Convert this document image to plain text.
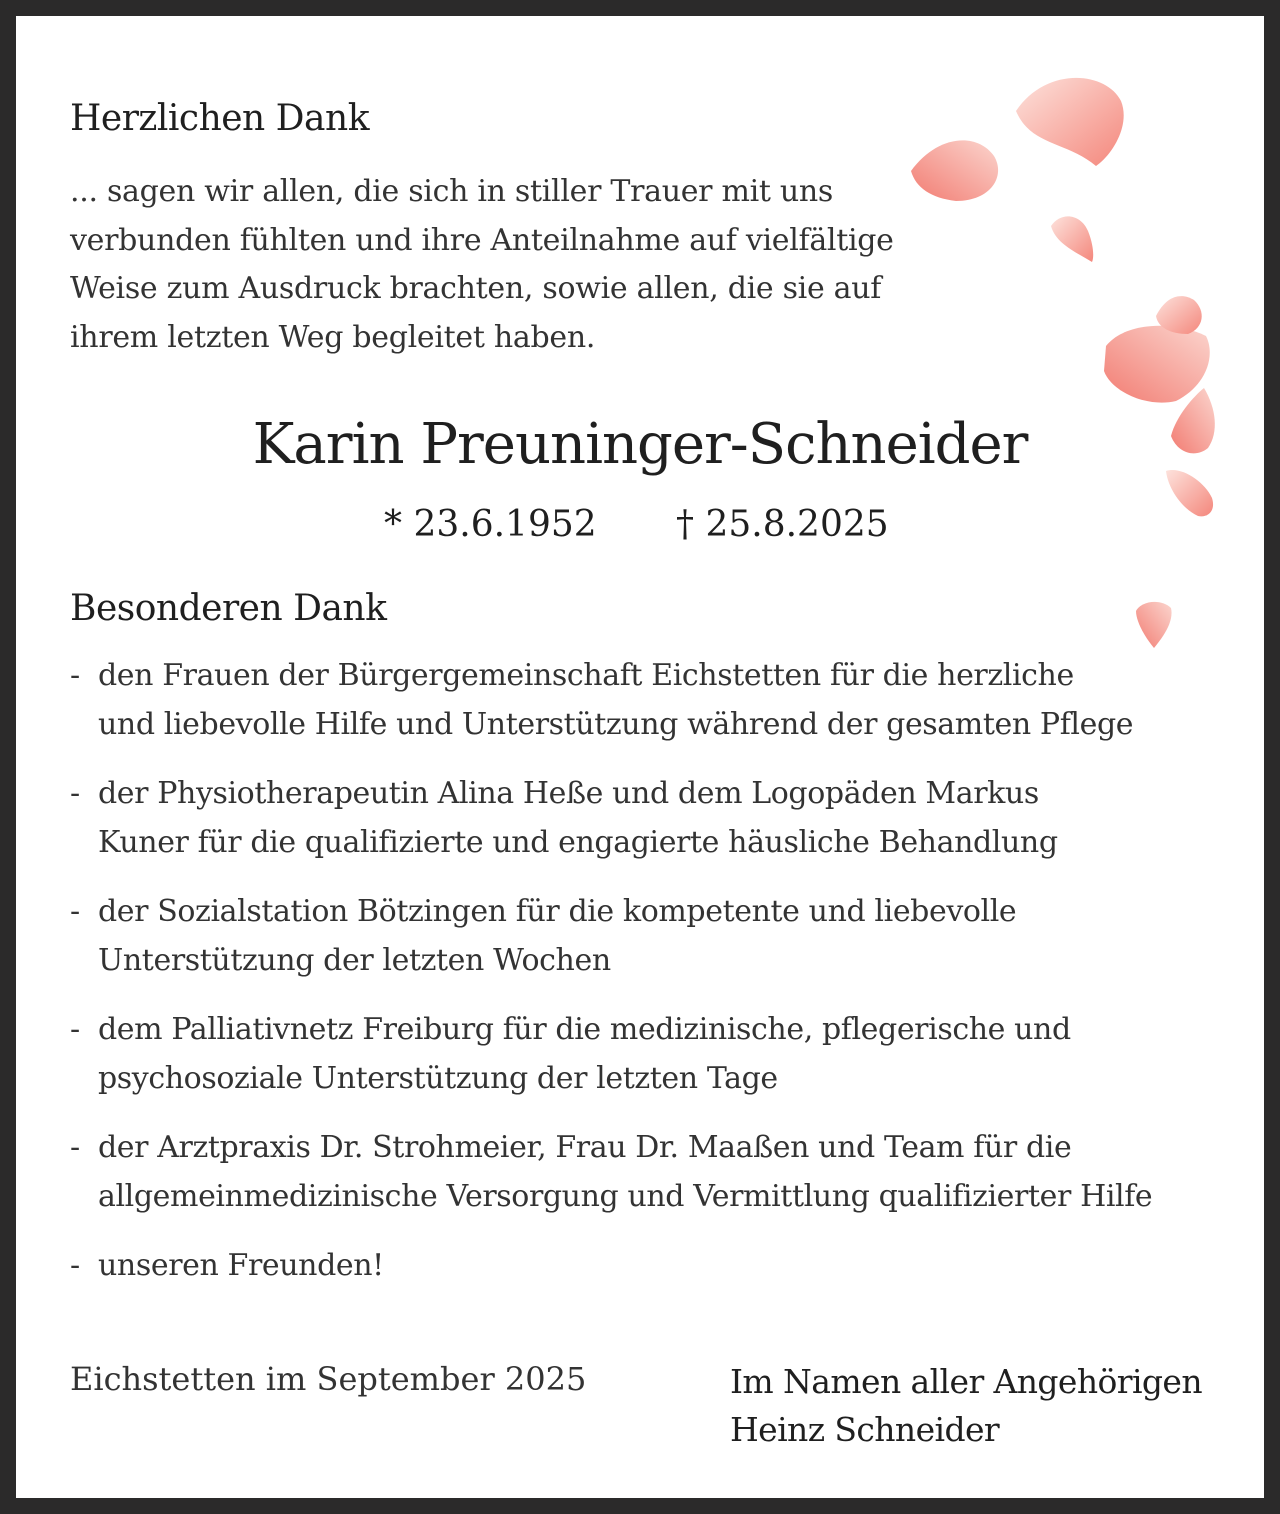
Herzlichen Dank
... sagen wir allen, die sich in stiller Trauer mit uns
verbunden fühlten und ihre Anteilnahme auf vielfältige
Weise zum Ausdruck brachten, sowie allen, die sie auf
ihrem letzten Weg begleitet haben.
Karin Preuninger-Schneider
* 23.6.1952 † 25.8.2025
Besonderen Dank
- den Frauen der Bürgergemeinschaft Eichstetten für die herzliche
und liebevolle Hilfe und Unterstützung während der gesamten Pflege
- der Physiotherapeutin Alina Heße und dem Logopäden Markus
Kuner für die qualifizierte und engagierte häusliche Behandlung
- der Sozialstation Bötzingen für die kompetente und liebevolle
Unterstützung der letzten Wochen
- dem Palliativnetz Freiburg für die medizinische, pflegerische und
psychosoziale Unterstützung der letzten Tage
- der Arztpraxis Dr. Strohmeier, Frau Dr. Maaßen und Team für die
allgemeinmedizinische Versorgung und Vermittlung qualifizierter Hilfe
- unseren Freunden!
Eichstetten im September 2025	Im Namen aller Angehörigen
Heinz Schneider
